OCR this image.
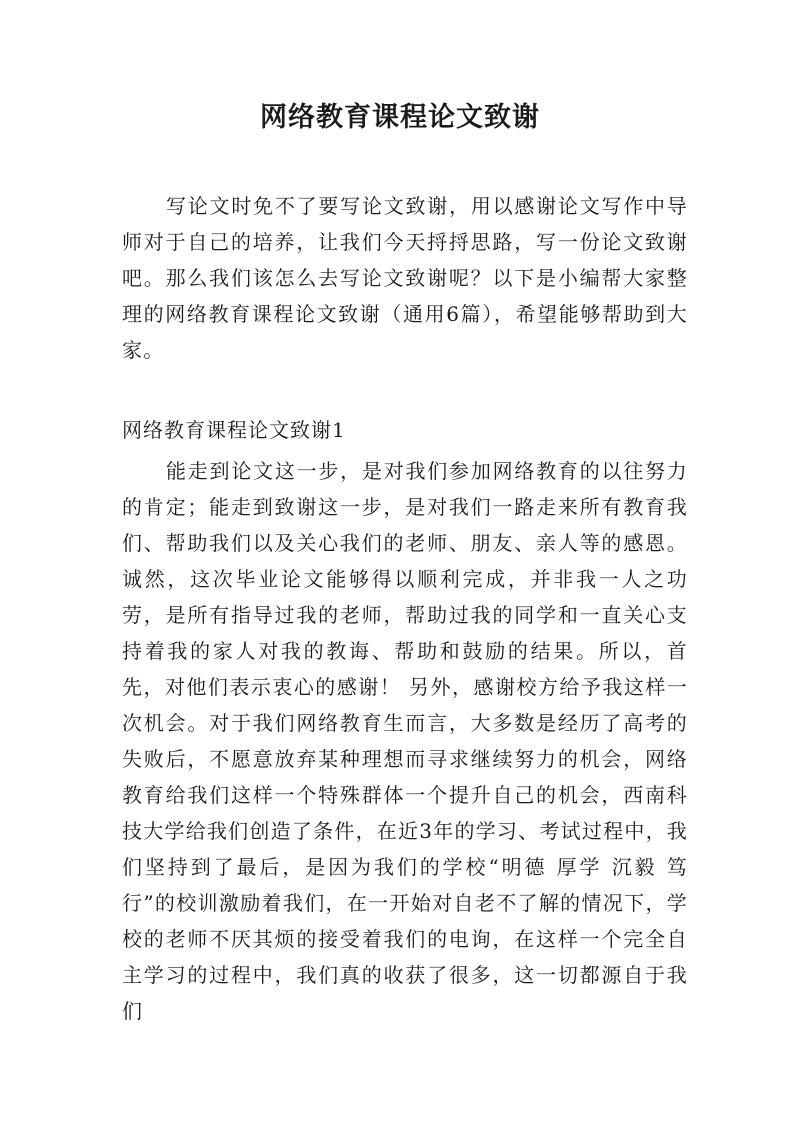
网络教育课程论文致谢
写论文时免不了要写论文致谢，用以感谢论文写作中导师对于自己的培养，让我们今天捋捋思路，写一份论文致谢吧。那么我们该怎么去写论文致谢呢？以下是小编帮大家整理的网络教育课程论文致谢（通用6篇），希望能够帮助到大家。
网络教育课程论文致谢1
能走到论文这一步，是对我们参加网络教育的以往努力的肯定；能走到致谢这一步，是对我们一路走来所有教育我们、帮助我们以及关心我们的老师、朋友、亲人等的感恩。诚然，这次毕业论文能够得以顺利完成，并非我一人之功劳，是所有指导过我的老师，帮助过我的同学和一直关心支持着我的家人对我的教诲、帮助和鼓励的结果。所以，首先，对他们表示衷心的感谢！ 另外，感谢校方给予我这样一次机会。对于我们网络教育生而言，大多数是经历了高考的失败后，不愿意放弃某种理想而寻求继续努力的机会，网络教育给我们这样一个特殊群体一个提升自己的机会，西南科技大学给我们创造了条件，在近3年的学习、考试过程中，我们坚持到了最后，是因为我们的学校“明德 厚学 沉毅 笃行”的校训激励着我们，在一开始对自老不了解的情况下，学校的老师不厌其烦的接受着我们的电询，在这样一个完全自主学习的过程中，我们真的收获了很多，这一切都源自于我们
